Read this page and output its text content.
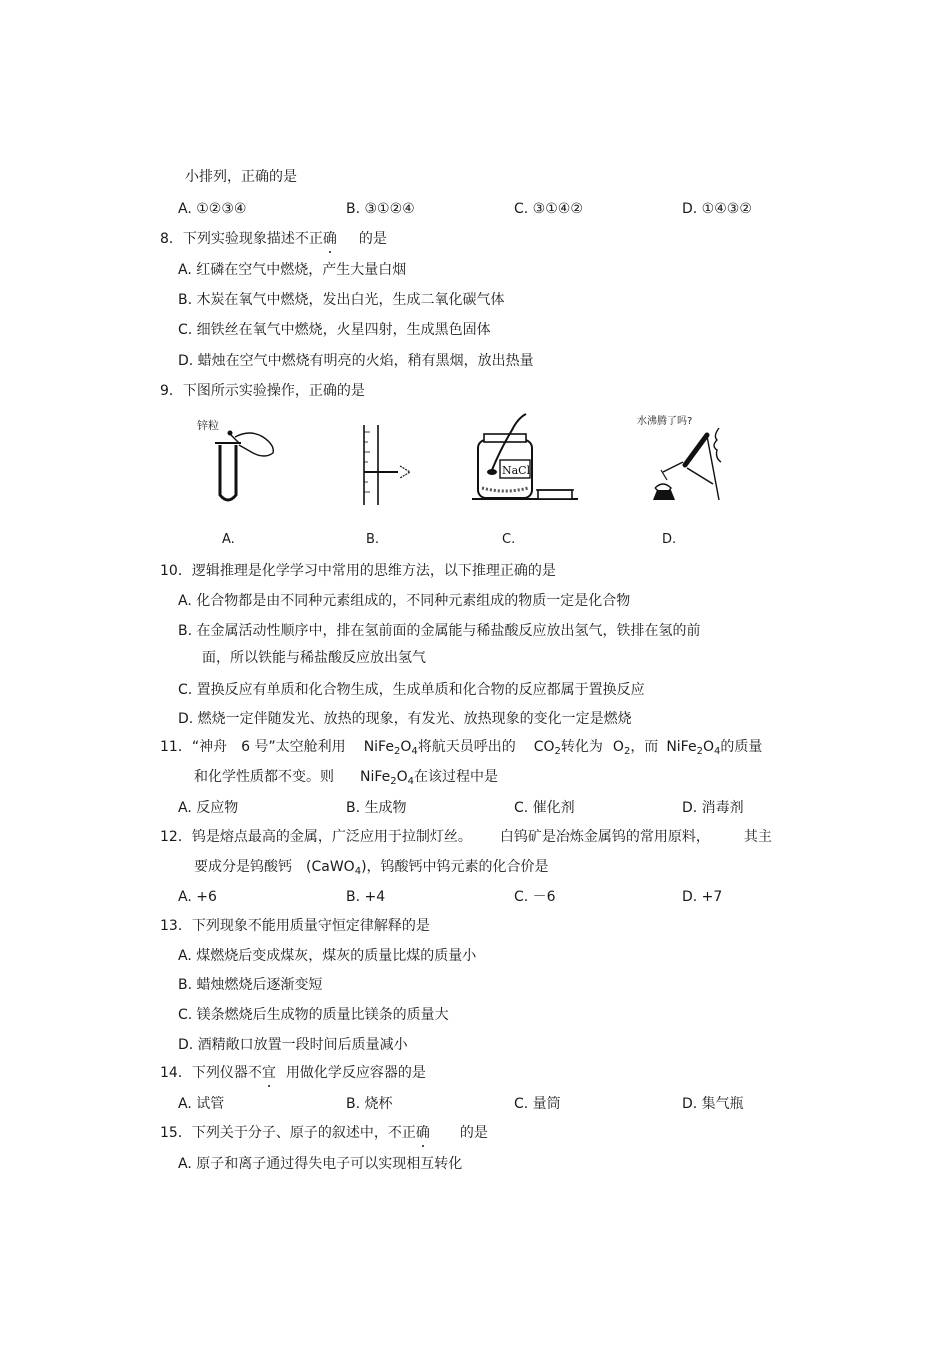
小排列，正确的是
A. ①②③④	B. ③①②④	C. ③①④②	D. ①④③②
8．下列实验现象描述不正确 的是
A. 红磷在空气中燃烧，产生大量白烟
B. 木炭在氧气中燃烧，发出白光，生成二氧化碳气体
C. 细铁丝在氧气中燃烧，火星四射，生成黑色固体
D. 蜡烛在空气中燃烧有明亮的火焰，稍有黑烟，放出热量
9．下图所示实验操作，正确的是
锌粒
NaCl
水沸腾了吗?
A.	B.	C.	D.
10．逻辑推理是化学学习中常用的思维方法，以下推理正确的是
A. 化合物都是由不同种元素组成的，不同种元素组成的物质一定是化合物
B. 在金属活动性顺序中，排在氢前面的金属能与稀盐酸反应放出氢气，铁排在氢的前
面，所以铁能与稀盐酸反应放出氢气
C. 置换反应有单质和化合物生成，生成单质和化合物的反应都属于置换反应
D. 燃烧一定伴随发光、放热的现象，有发光、放热现象的变化一定是燃烧
11．“神舟　6 号”太空舱利用 $NiFe_2O_4$将航天员呼出的 $CO_2$转化为 $O_2$，而 $NiFe_2O_4$的质量
和化学性质都不变。则 $NiFe_2O_4$在该过程中是
A. 反应物	B. 生成物	C. 催化剂	D. 消毒剂
12．钨是熔点最高的金属，广泛应用于拉制灯丝。 白钨矿是冶炼金属钨的常用原料， 其主
要成分是钨酸钙 (CaWO$_4$)，钨酸钙中钨元素的化合价是
A. +6	B. +4	C. －6	D. +7
13．下列现象不能用质量守恒定律解释的是
A. 煤燃烧后变成煤灰，煤灰的质量比煤的质量小
B. 蜡烛燃烧后逐渐变短
C. 镁条燃烧后生成物的质量比镁条的质量大
D. 酒精敞口放置一段时间后质量减小
14．下列仪器不宜 用做化学反应容器的是
A. 试管	B. 烧杯	C. 量筒	D. 集气瓶
15．下列关于分子、原子的叙述中，不正确 的是
A. 原子和离子通过得失电子可以实现相互转化
